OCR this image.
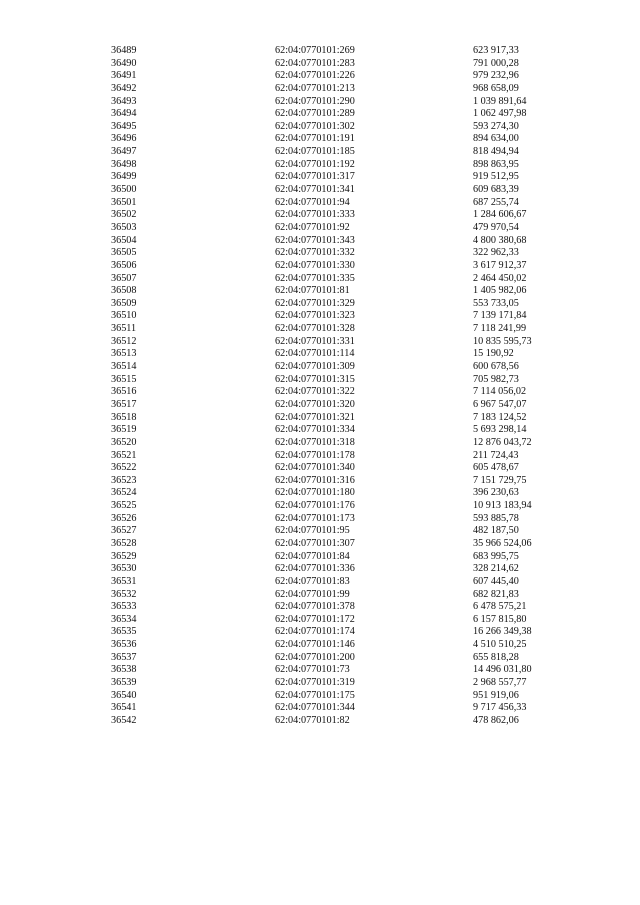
36489	62:04:0770101:269	623 917,33
36490	62:04:0770101:283	791 000,28
36491	62:04:0770101:226	979 232,96
36492	62:04:0770101:213	968 658,09
36493	62:04:0770101:290	1 039 891,64
36494	62:04:0770101:289	1 062 497,98
36495	62:04:0770101:302	593 274,30
36496	62:04:0770101:191	894 634,00
36497	62:04:0770101:185	818 494,94
36498	62:04:0770101:192	898 863,95
36499	62:04:0770101:317	919 512,95
36500	62:04:0770101:341	609 683,39
36501	62:04:0770101:94	687 255,74
36502	62:04:0770101:333	1 284 606,67
36503	62:04:0770101:92	479 970,54
36504	62:04:0770101:343	4 800 380,68
36505	62:04:0770101:332	322 962,33
36506	62:04:0770101:330	3 617 912,37
36507	62:04:0770101:335	2 464 450,02
36508	62:04:0770101:81	1 405 982,06
36509	62:04:0770101:329	553 733,05
36510	62:04:0770101:323	7 139 171,84
36511	62:04:0770101:328	7 118 241,99
36512	62:04:0770101:331	10 835 595,73
36513	62:04:0770101:114	15 190,92
36514	62:04:0770101:309	600 678,56
36515	62:04:0770101:315	705 982,73
36516	62:04:0770101:322	7 114 056,02
36517	62:04:0770101:320	6 967 547,07
36518	62:04:0770101:321	7 183 124,52
36519	62:04:0770101:334	5 693 298,14
36520	62:04:0770101:318	12 876 043,72
36521	62:04:0770101:178	211 724,43
36522	62:04:0770101:340	605 478,67
36523	62:04:0770101:316	7 151 729,75
36524	62:04:0770101:180	396 230,63
36525	62:04:0770101:176	10 913 183,94
36526	62:04:0770101:173	593 885,78
36527	62:04:0770101:95	482 187,50
36528	62:04:0770101:307	35 966 524,06
36529	62:04:0770101:84	683 995,75
36530	62:04:0770101:336	328 214,62
36531	62:04:0770101:83	607 445,40
36532	62:04:0770101:99	682 821,83
36533	62:04:0770101:378	6 478 575,21
36534	62:04:0770101:172	6 157 815,80
36535	62:04:0770101:174	16 266 349,38
36536	62:04:0770101:146	4 510 510,25
36537	62:04:0770101:200	655 818,28
36538	62:04:0770101:73	14 496 031,80
36539	62:04:0770101:319	2 968 557,77
36540	62:04:0770101:175	951 919,06
36541	62:04:0770101:344	9 717 456,33
36542	62:04:0770101:82	478 862,06
